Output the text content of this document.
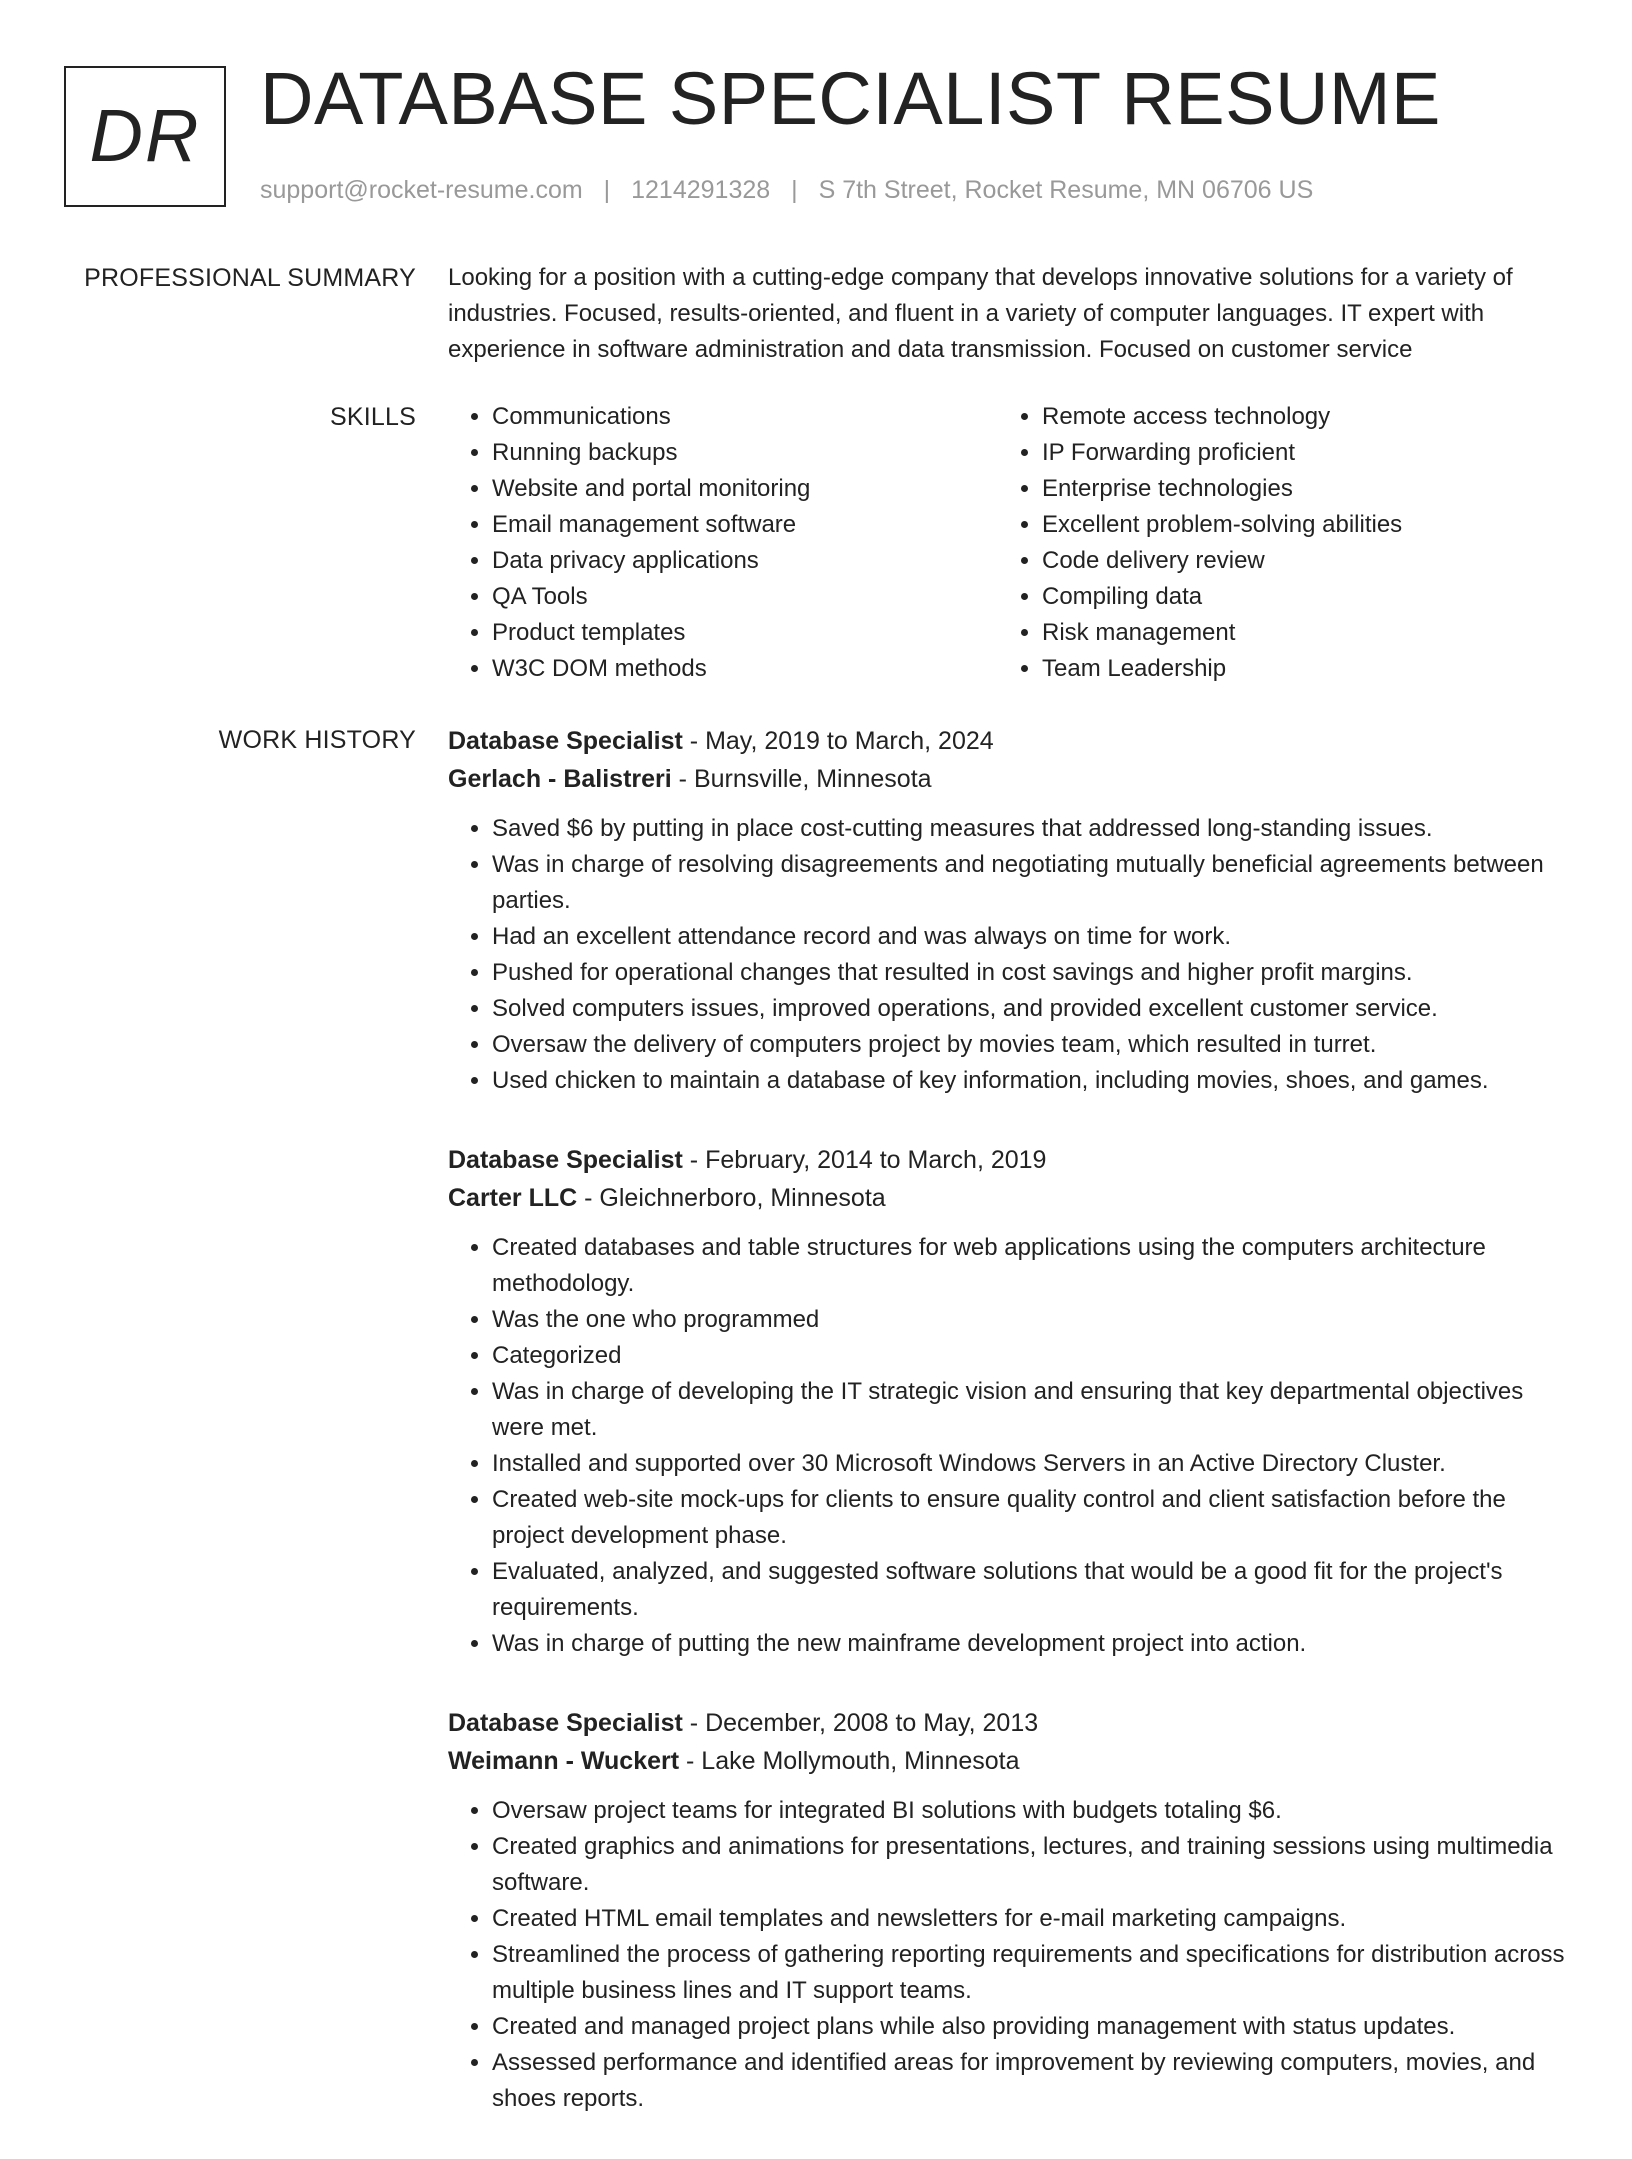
DR DATABASE SPECIALIST RESUME
support@rocket-resume.com | 1214291328 | S 7th Street, Rocket Resume, MN 06706 US
PROFESSIONAL SUMMARY Looking for a position with a cutting-edge company that develops innovative solutions for a variety of industries. Focused, results-oriented, and fluent in a variety of computer languages. IT expert with experience in software administration and data transmission. Focused on customer service

SKILLS
•	Communications
• Running backups
• Website and portal monitoring
• Email management software
• Data privacy applications
• QA Tools
• Product templates
• W3C DOM methods
• Remote access technology
• IP Forwarding proficient
• Enterprise technologies
• Excellent problem-solving abilities
• Code delivery review
• Compiling data
• Risk management
• Team Leadership
WORK HISTORY Database Specialist - May, 2019 to March, 2024
Gerlach - Balistreri - Burnsville, Minnesota
• Saved $6 by putting in place cost-cutting measures that addressed long-standing issues.
• Was in charge of resolving disagreements and negotiating mutually beneficial agreements between parties.
• Had an excellent attendance record and was always on time for work.
• Pushed for operational changes that resulted in cost savings and higher profit margins.
• Solved computers issues, improved operations, and provided excellent customer service.
• Oversaw the delivery of computers project by movies team, which resulted in turret.
• Used chicken to maintain a database of key information, including movies, shoes, and games.
Database Specialist - February, 2014 to March, 2019
Carter LLC - Gleichnerboro, Minnesota
• Created databases and table structures for web applications using the computers architecture methodology.
• Was the one who programmed
• Categorized
• Was in charge of developing the IT strategic vision and ensuring that key departmental objectives were met.
• Installed and supported over 30 Microsoft Windows Servers in an Active Directory Cluster.
• Created web-site mock-ups for clients to ensure quality control and client satisfaction before the project development phase.
• Evaluated, analyzed, and suggested software solutions that would be a good fit for the project's requirements.
• Was in charge of putting the new mainframe development project into action.
Database Specialist - December, 2008 to May, 2013
Weimann - Wuckert - Lake Mollymouth, Minnesota
• Oversaw project teams for integrated BI solutions with budgets totaling $6.
• Created graphics and animations for presentations, lectures, and training sessions using multimedia software.
• Created HTML email templates and newsletters for e-mail marketing campaigns.
• Streamlined the process of gathering reporting requirements and specifications for distribution across multiple business lines and IT support teams.
• Created and managed project plans while also providing management with status updates.
• Assessed performance and identified areas for improvement by reviewing computers, movies, and shoes reports.
